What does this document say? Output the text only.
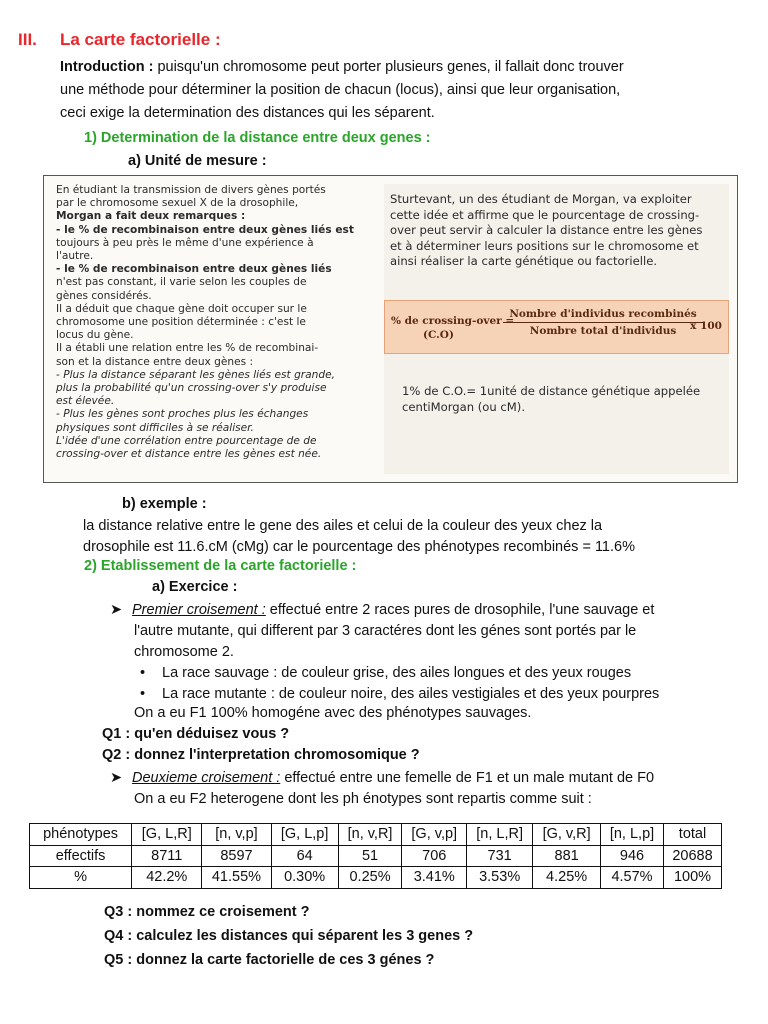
III. La carte factorielle :
Introduction : puisqu'un chromosome peut porter plusieurs genes, il fallait donc trouver
une méthode pour déterminer la position de chacun (locus), ainsi que leur organisation,
ceci exige la determination des distances qui les séparent.
1) Determination de la distance entre deux genes :
a) Unité de mesure :
En étudiant la transmission de divers gènes portés
par le chromosome sexuel X de la drosophile,
Morgan a fait deux remarques :
- le % de recombinaison entre deux gènes liés est
toujours à peu près le même d'une expérience à
l'autre.
- le % de recombinaison entre deux gènes liés
n'est pas constant, il varie selon les couples de
gènes considérés.
Il a déduit que chaque gène doit occuper sur le
chromosome une position déterminée : c'est le
locus du gène.
Il a établi une relation entre les % de recombinai-
son et la distance entre deux gènes :
- Plus la distance séparant les gènes liés est grande,
plus la probabilité qu'un crossing-over s'y produise
est élevée.
- Plus les gènes sont proches plus les échanges
physiques sont difficiles à se réaliser.
L'idée d'une corrélation entre pourcentage de de
crossing-over et distance entre les gènes est née.

Sturtevant, un des étudiant de Morgan, va exploiter

cette idée et affirme que le pourcentage de crossing-

over peut servir à calculer la distance entre les gènes

et à déterminer leurs positions sur le chromosome et

ainsi réaliser la carte génétique ou factorielle.

% de crossing-over =
(C.O)
Nombre d'individus recombinés
Nombre total d'individus	x 100

1% de C.O.= 1unité de distance génétique appelée

centiMorgan (ou cM).

b) exemple :
la distance relative entre le gene des ailes et celui de la couleur des yeux chez la
drosophile est 11.6.cM (cMg) car le pourcentage des phénotypes recombinés = 11.6%
2) Etablissement de la carte factorielle :
a) Exercice :
➤ Premier croisement : effectué entre 2 races pures de drosophile, l'une sauvage et
l'autre mutante, qui different par 3 caractéres dont les génes sont portés par le
chromosome 2.
• La race sauvage : de couleur grise, des ailes longues et des yeux rouges
• La race mutante : de couleur noire, des ailes vestigiales et des yeux pourpres
On a eu F1 100% homogéne avec des phénotypes sauvages.
Q1 : qu'en déduisez vous ?
Q2 : donnez l'interpretation chromosomique ?
➤ Deuxieme croisement : effectué entre une femelle de F1 et un male mutant de F0
On a eu F2 heterogene dont les ph énotypes sont repartis comme suit :
phénotypes	[G, L,R]	[n, v,p]	[G, L,p]	[n, v,R]	[G, v,p]	[n, L,R]	[G, v,R]	[n, L,p]	total
effectifs	8711	8597	64	51	706	731	881	946	20688
%	42.2%	41.55%	0.30%	0.25%	3.41%	3.53%	4.25%	4.57%	100%
Q3 : nommez ce croisement ?
Q4 : calculez les distances qui séparent les 3 genes ?
Q5 : donnez la carte factorielle de ces 3 génes ?
